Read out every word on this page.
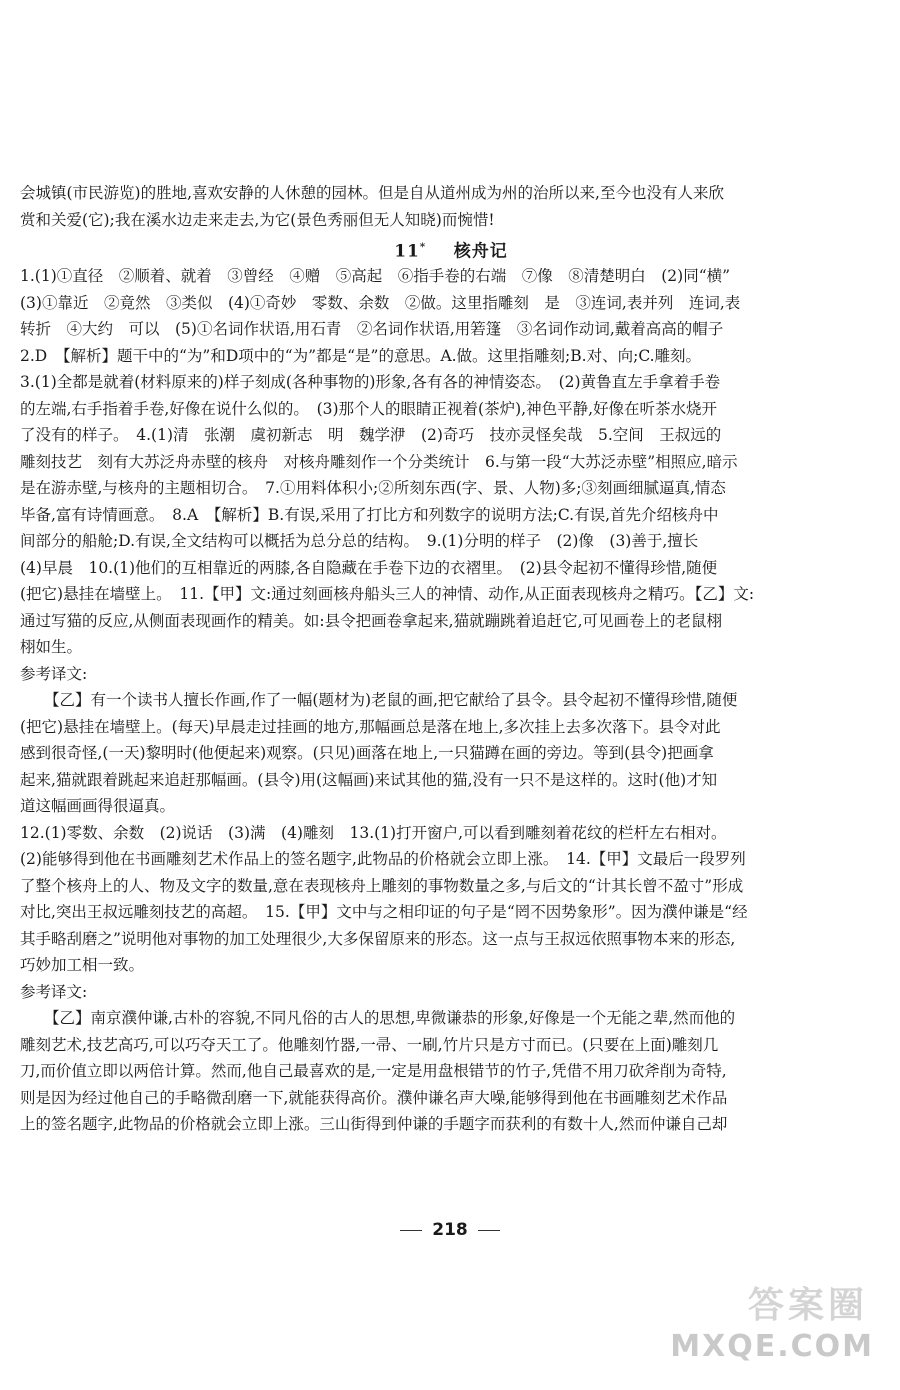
会城镇(市民游览)的胜地,喜欢安静的人休憩的园林。但是自从道州成为州的治所以来,至今也没有人来欣
赏和关爱(它);我在溪水边走来走去,为它(景色秀丽但无人知晓)而惋惜!
11* 核舟记
1.(1)①直径　②顺着、就着　③曾经　④赠　⑤高起　⑥指手卷的右端　⑦像　⑧清楚明白　(2)同“横”
(3)①靠近　②竟然　③类似　(4)①奇妙　零数、余数　②做。这里指雕刻　是　③连词,表并列　连词,表
转折　④大约　可以　(5)①名词作状语,用石青　②名词作状语,用箬篷　③名词作动词,戴着高高的帽子
2.D　【解析】题干中的“为”和D项中的“为”都是“是”的意思。A.做。这里指雕刻;B.对、向;C.雕刻。
3.(1)全都是就着(材料原来的)样子刻成(各种事物的)形象,各有各的神情姿态。　(2)黄鲁直左手拿着手卷
的左端,右手指着手卷,好像在说什么似的。　(3)那个人的眼睛正视着(茶炉),神色平静,好像在听茶水烧开
了没有的样子。　4.(1)清　张潮　虞初新志　明　魏学洢　(2)奇巧　技亦灵怪矣哉　5.空间　王叔远的
雕刻技艺　刻有大苏泛舟赤壁的核舟　对核舟雕刻作一个分类统计　6.与第一段“大苏泛赤壁”相照应,暗示
是在游赤壁,与核舟的主题相切合。　7.①用料体积小;②所刻东西(字、景、人物)多;③刻画细腻逼真,情态
毕备,富有诗情画意。　8.A　【解析】B.有误,采用了打比方和列数字的说明方法;C.有误,首先介绍核舟中
间部分的船舱;D.有误,全文结构可以概括为总分总的结构。　9.(1)分明的样子　(2)像　(3)善于,擅长
(4)早晨　10.(1)他们的互相靠近的两膝,各自隐藏在手卷下边的衣褶里。　(2)县令起初不懂得珍惜,随便
(把它)悬挂在墙壁上。　11.【甲】文:通过刻画核舟船头三人的神情、动作,从正面表现核舟之精巧。【乙】文:
通过写猫的反应,从侧面表现画作的精美。如:县令把画卷拿起来,猫就蹦跳着追赶它,可见画卷上的老鼠栩
栩如生。
参考译文:
【乙】有一个读书人擅长作画,作了一幅(题材为)老鼠的画,把它献给了县令。县令起初不懂得珍惜,随便
(把它)悬挂在墙壁上。(每天)早晨走过挂画的地方,那幅画总是落在地上,多次挂上去多次落下。县令对此
感到很奇怪,(一天)黎明时(他便起来)观察。(只见)画落在地上,一只猫蹲在画的旁边。等到(县令)把画拿
起来,猫就跟着跳起来追赶那幅画。(县令)用(这幅画)来试其他的猫,没有一只不是这样的。这时(他)才知
道这幅画画得很逼真。
12.(1)零数、余数　(2)说话　(3)满　(4)雕刻　13.(1)打开窗户,可以看到雕刻着花纹的栏杆左右相对。
(2)能够得到他在书画雕刻艺术作品上的签名题字,此物品的价格就会立即上涨。　14.【甲】文最后一段罗列
了整个核舟上的人、物及文字的数量,意在表现核舟上雕刻的事物数量之多,与后文的“计其长曾不盈寸”形成
对比,突出王叔远雕刻技艺的高超。　15.【甲】文中与之相印证的句子是“罔不因势象形”。因为濮仲谦是“经
其手略刮磨之”说明他对事物的加工处理很少,大多保留原来的形态。这一点与王叔远依照事物本来的形态,
巧妙加工相一致。
参考译文:
【乙】南京濮仲谦,古朴的容貌,不同凡俗的古人的思想,卑微谦恭的形象,好像是一个无能之辈,然而他的
雕刻艺术,技艺高巧,可以巧夺天工了。他雕刻竹器,一帚、一刷,竹片只是方寸而已。(只要在上面)雕刻几
刀,而价值立即以两倍计算。然而,他自己最喜欢的是,一定是用盘根错节的竹子,凭借不用刀砍斧削为奇特,
则是因为经过他自己的手略微刮磨一下,就能获得高价。濮仲谦名声大噪,能够得到他在书画雕刻艺术作品
上的签名题字,此物品的价格就会立即上涨。三山街得到仲谦的手题字而获利的有数十人,然而仲谦自己却
218
答案圈
MXQE.COM
